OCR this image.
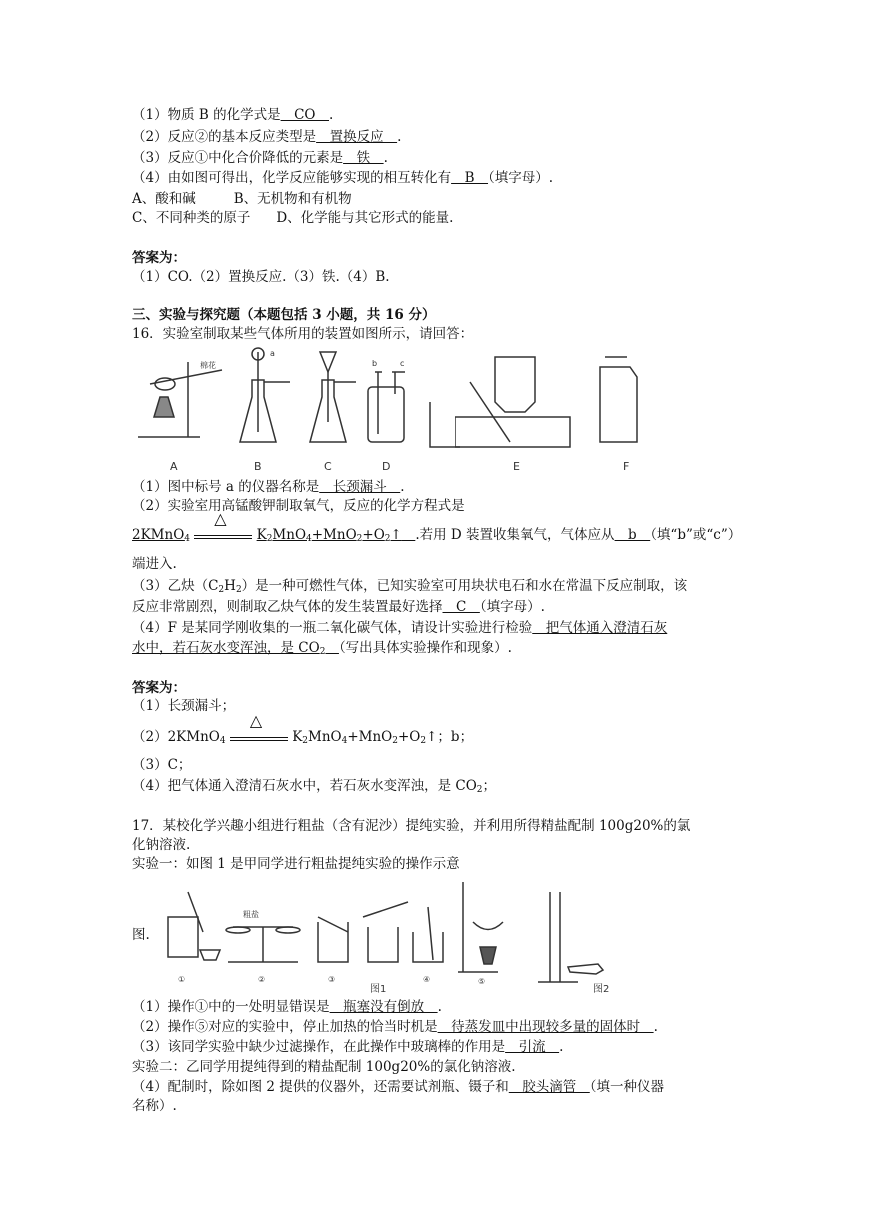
（1）物质 B 的化学式是　CO　.
（2）反应②的基本反应类型是　置换反应　.
（3）反应①中化合价降低的元素是　铁　.
（4）由如图可得出，化学反应能够实现的相互转化有　B　（填字母）.
A、酸和碱	B、无机物和有机物
C、不同种类的原子 D、化学能与其它形式的能量.
答案为：
（1）CO.（2）置换反应.（3）铁.（4）B.
三、实验与探究题（本题包括 3 小题，共 16 分）
16．实验室制取某些气体所用的装置如图所示，请回答：
棉花
a
b	c
A	B	C	D	E	F
（1）图中标号 a 的仪器名称是　长颈漏斗　.
（2）实验室用高锰酸钾制取氧气，反应的化学方程式是
2KMnO$_4$
△
$K_2MnO_4+MnO_2+O_2↑$　 .若用 D 装置收集氧气，气体应从　b　（填“b”或“c”）
端进入.
（3）乙炔$(C_2H_2)$是一种可燃性气体，已知实验室可用块状电石和水在常温下反应制取，该
反应非常剧烈，则制取乙炔气体的发生装置最好选择　C　（填字母）.
（4）F 是某同学刚收集的一瓶二氧化碳气体，请设计实验进行检验　把气体通入澄清石灰
水中，若石灰水变浑浊，是 $CO_2$　 （写出具体实验操作和现象）.
答案为：
（1）长颈漏斗；
（2）2KMnO$_4$
△
$K_2MnO_4+MnO_2+O_2↑$；b；
（3）C；
（4）把气体通入澄清石灰水中，若石灰水变浑浊，是 $CO_2$；
17．某校化学兴趣小组进行粗盐（含有泥沙）提纯实验，并利用所得精盐配制 100g20%的氯
化钠溶液.
实验一：如图 1 是甲同学进行粗盐提纯实验的操作示意
图.
粗盐
①	②	③	④	⑤
图1	图2
（1）操作①中的一处明显错误是　瓶塞没有倒放　.
（2）操作⑤对应的实验中，停止加热的恰当时机是　待蒸发皿中出现较多量的固体时　.
（3）该同学实验中缺少过滤操作，在此操作中玻璃棒的作用是　引流　.
实验二：乙同学用提纯得到的精盐配制 100g20%的氯化钠溶液.
（4）配制时，除如图 2 提供的仪器外，还需要试剂瓶、镊子和　胶头滴管　（填一种仪器
名称）.
